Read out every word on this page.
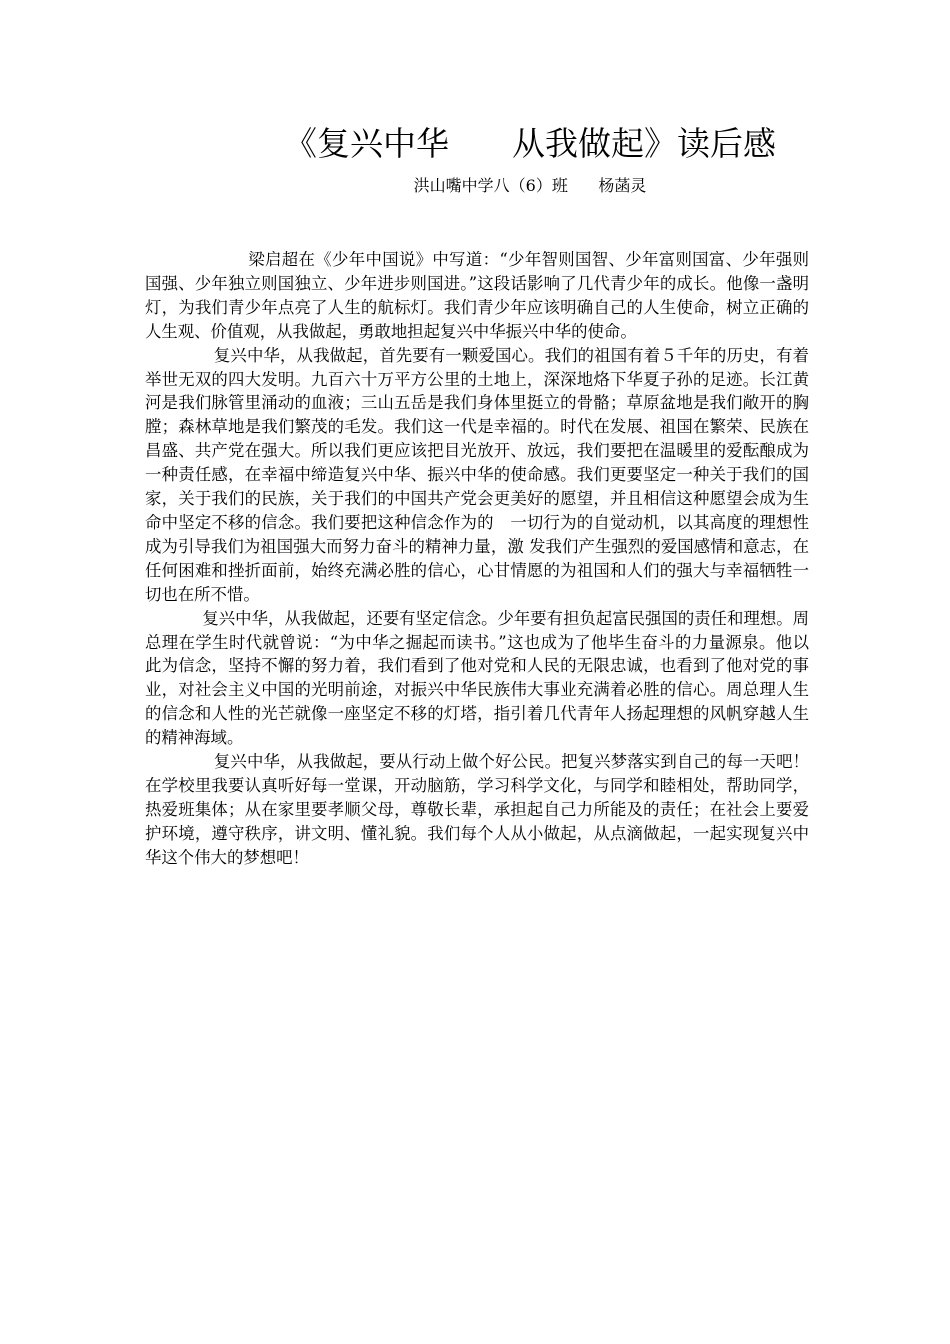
《复兴中华      从我做起》读后感
洪山嘴中学八（6）班      杨菡灵

梁启超在《少年中国说》中写道：“少年智则国智、少年富则国富、少年强则国强、少年独立则国独立、少年进步则国进。”这段话影响了几代青少年的成长。他像一盏明灯，为我们青少年点亮了人生的航标灯。我们青少年应该明确自己的人生使命，树立正确的人生观、价值观，从我做起，勇敢地担起复兴中华振兴中华的使命。

复兴中华，从我做起，首先要有一颗爱国心。我们的祖国有着５千年的历史，有着举世无双的四大发明。九百六十万平方公里的土地上，深深地烙下华夏子孙的足迹。长江黄河是我们脉管里涌动的血液；三山五岳是我们身体里挺立的骨骼；草原盆地是我们敞开的胸膛；森林草地是我们繁茂的毛发。我们这一代是幸福的。时代在发展、祖国在繁荣、民族在昌盛、共产党在强大。所以我们更应该把目光放开、放远，我们要把在温暖里的爱酝酿成为一种责任感，在幸福中缔造复兴中华、振兴中华的使命感。我们更要坚定一种关于我们的国家，关于我们的民族，关于我们的中国共产党会更美好的愿望，并且相信这种愿望会成为生命中坚定不移的信念。我们要把这种信念作为的　一切行为的自觉动机，以其高度的理想性成为引导我们为祖国强大而努力奋斗的精神力量，激 发我们产生强烈的爱国感情和意志，在任何困难和挫折面前，始终充满必胜的信心，心甘情愿的为祖国和人们的强大与幸福牺牲一切也在所不惜。

复兴中华，从我做起，还要有坚定信念。少年要有担负起富民强国的责任和理想。周总理在学生时代就曾说：“为中华之掘起而读书。”这也成为了他毕生奋斗的力量源泉。他以此为信念，坚持不懈的努力着，我们看到了他对党和人民的无限忠诚，也看到了他对党的事业，对社会主义中国的光明前途，对振兴中华民族伟大事业充满着必胜的信心。周总理人生的信念和人性的光芒就像一座坚定不移的灯塔，指引着几代青年人扬起理想的风帆穿越人生的精神海域。

复兴中华，从我做起，要从行动上做个好公民。把复兴梦落实到自己的每一天吧！在学校里我要认真听好每一堂课，开动脑筋，学习科学文化，与同学和睦相处，帮助同学，热爱班集体；从在家里要孝顺父母，尊敬长辈，承担起自己力所能及的责任；在社会上要爱护环境，遵守秩序，讲文明、懂礼貌。我们每个人从小做起，从点滴做起，一起实现复兴中华这个伟大的梦想吧！
